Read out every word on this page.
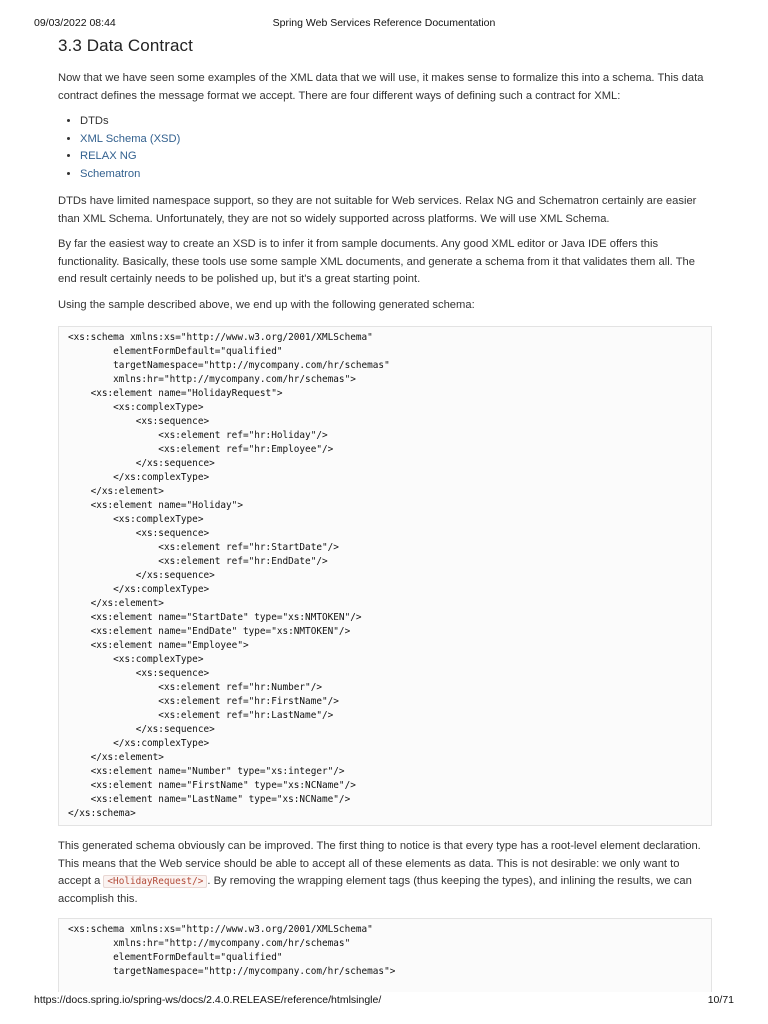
09/03/2022 08:44	Spring Web Services Reference Documentation
3.3 Data Contract

Now that we have seen some examples of the XML data that we will use, it makes sense to formalize this into a schema. This data contract defines the message format we accept. There are four different ways of defining such a contract for XML:

• DTDs
• XML Schema (XSD)
• RELAX NG
• Schematron

DTDs have limited namespace support, so they are not suitable for Web services. Relax NG and Schematron certainly are easier than XML Schema. Unfortunately, they are not so widely supported across platforms. We will use XML Schema.

By far the easiest way to create an XSD is to infer it from sample documents. Any good XML editor or Java IDE offers this functionality. Basically, these tools use some sample XML documents, and generate a schema from it that validates them all. The end result certainly needs to be polished up, but it's a great starting point.

Using the sample described above, we end up with the following generated schema:

<xs:schema xmlns:xs="http://www.w3.org/2001/XMLSchema"
elementFormDefault="qualified"
targetNamespace="http://mycompany.com/hr/schemas"
xmlns:hr="http://mycompany.com/hr/schemas">
<xs:element name="HolidayRequest">
<xs:complexType>
<xs:sequence>
<xs:element ref="hr:Holiday"/>
<xs:element ref="hr:Employee"/>
</xs:sequence>
</xs:complexType>
</xs:element>
<xs:element name="Holiday">
<xs:complexType>
<xs:sequence>
<xs:element ref="hr:StartDate"/>
<xs:element ref="hr:EndDate"/>
</xs:sequence>
</xs:complexType>
</xs:element>
<xs:element name="StartDate" type="xs:NMTOKEN"/>
<xs:element name="EndDate" type="xs:NMTOKEN"/>
<xs:element name="Employee">
<xs:complexType>
<xs:sequence>
<xs:element ref="hr:Number"/>
<xs:element ref="hr:FirstName"/>
<xs:element ref="hr:LastName"/>
</xs:sequence>
</xs:complexType>
</xs:element>
<xs:element name="Number" type="xs:integer"/>
<xs:element name="FirstName" type="xs:NCName"/>
<xs:element name="LastName" type="xs:NCName"/>
</xs:schema>

This generated schema obviously can be improved. The first thing to notice is that every type has a root-level element declaration. This means that the Web service should be able to accept all of these elements as data. This is not desirable: we only want to accept a <HolidayRequest/> . By removing the wrapping element tags (thus keeping the types), and inlining the results, we can accomplish this.

<xs:schema xmlns:xs="http://www.w3.org/2001/XMLSchema"
xmlns:hr="http://mycompany.com/hr/schemas"
elementFormDefault="qualified"
targetNamespace="http://mycompany.com/hr/schemas">
https://docs.spring.io/spring-ws/docs/2.4.0.RELEASE/reference/htmlsingle/	10/71
